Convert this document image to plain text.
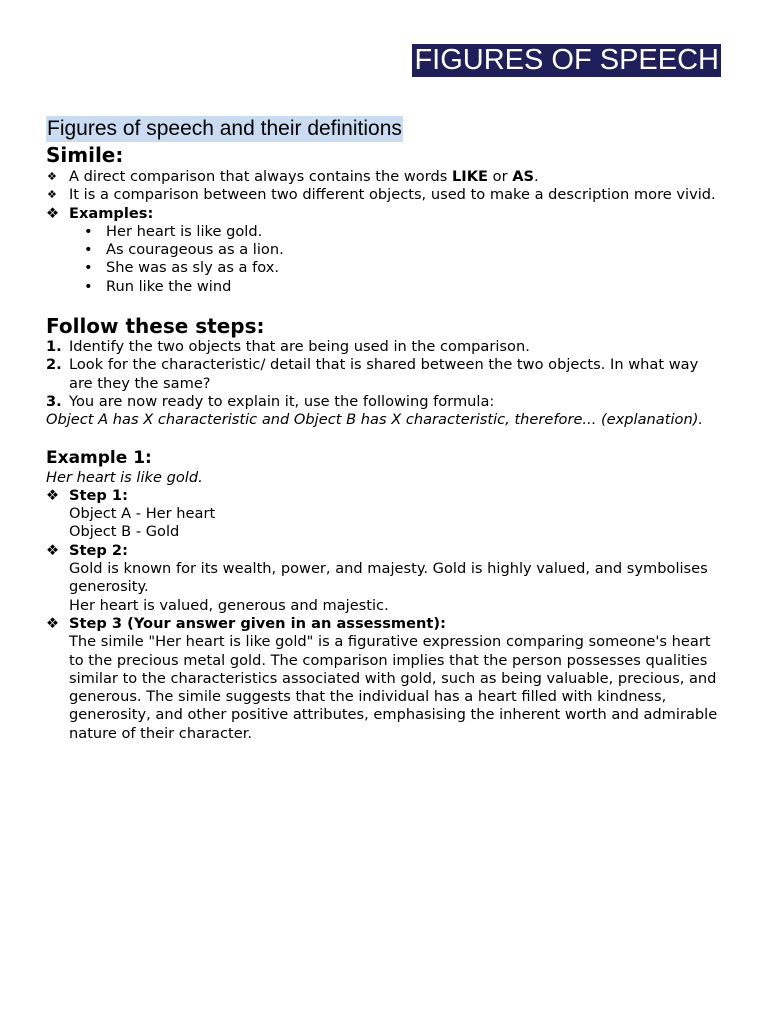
FIGURES OF SPEECH
Figures of speech and their definitions
Simile:
❖ A direct comparison that always contains the words LIKE or AS.
❖ It is a comparison between two different objects, used to make a description more vivid.
❖ Examples:
• Her heart is like gold.
• As courageous as a lion.
• She was as sly as a fox.
• Run like the wind
Follow these steps:
1. Identify the two objects that are being used in the comparison.
2. Look for the characteristic/ detail that is shared between the two objects. In what way are they the same?
3. You are now ready to explain it, use the following formula:

Object A has X characteristic and Object B has X characteristic, therefore... (explanation).

Example 1:

Her heart is like gold.

❖ Step 1:
Object A - Her heart
Object B - Gold
❖ Step 2:
Gold is known for its wealth, power, and majesty. Gold is highly valued, and symbolises generosity.
Her heart is valued, generous and majestic.
❖ Step 3 (Your answer given in an assessment):
The simile "Her heart is like gold" is a figurative expression comparing someone's heart to the precious metal gold. The comparison implies that the person possesses qualities similar to the characteristics associated with gold, such as being valuable, precious, and generous. The simile suggests that the individual has a heart filled with kindness, generosity, and other positive attributes, emphasising the inherent worth and admirable nature of their character.
